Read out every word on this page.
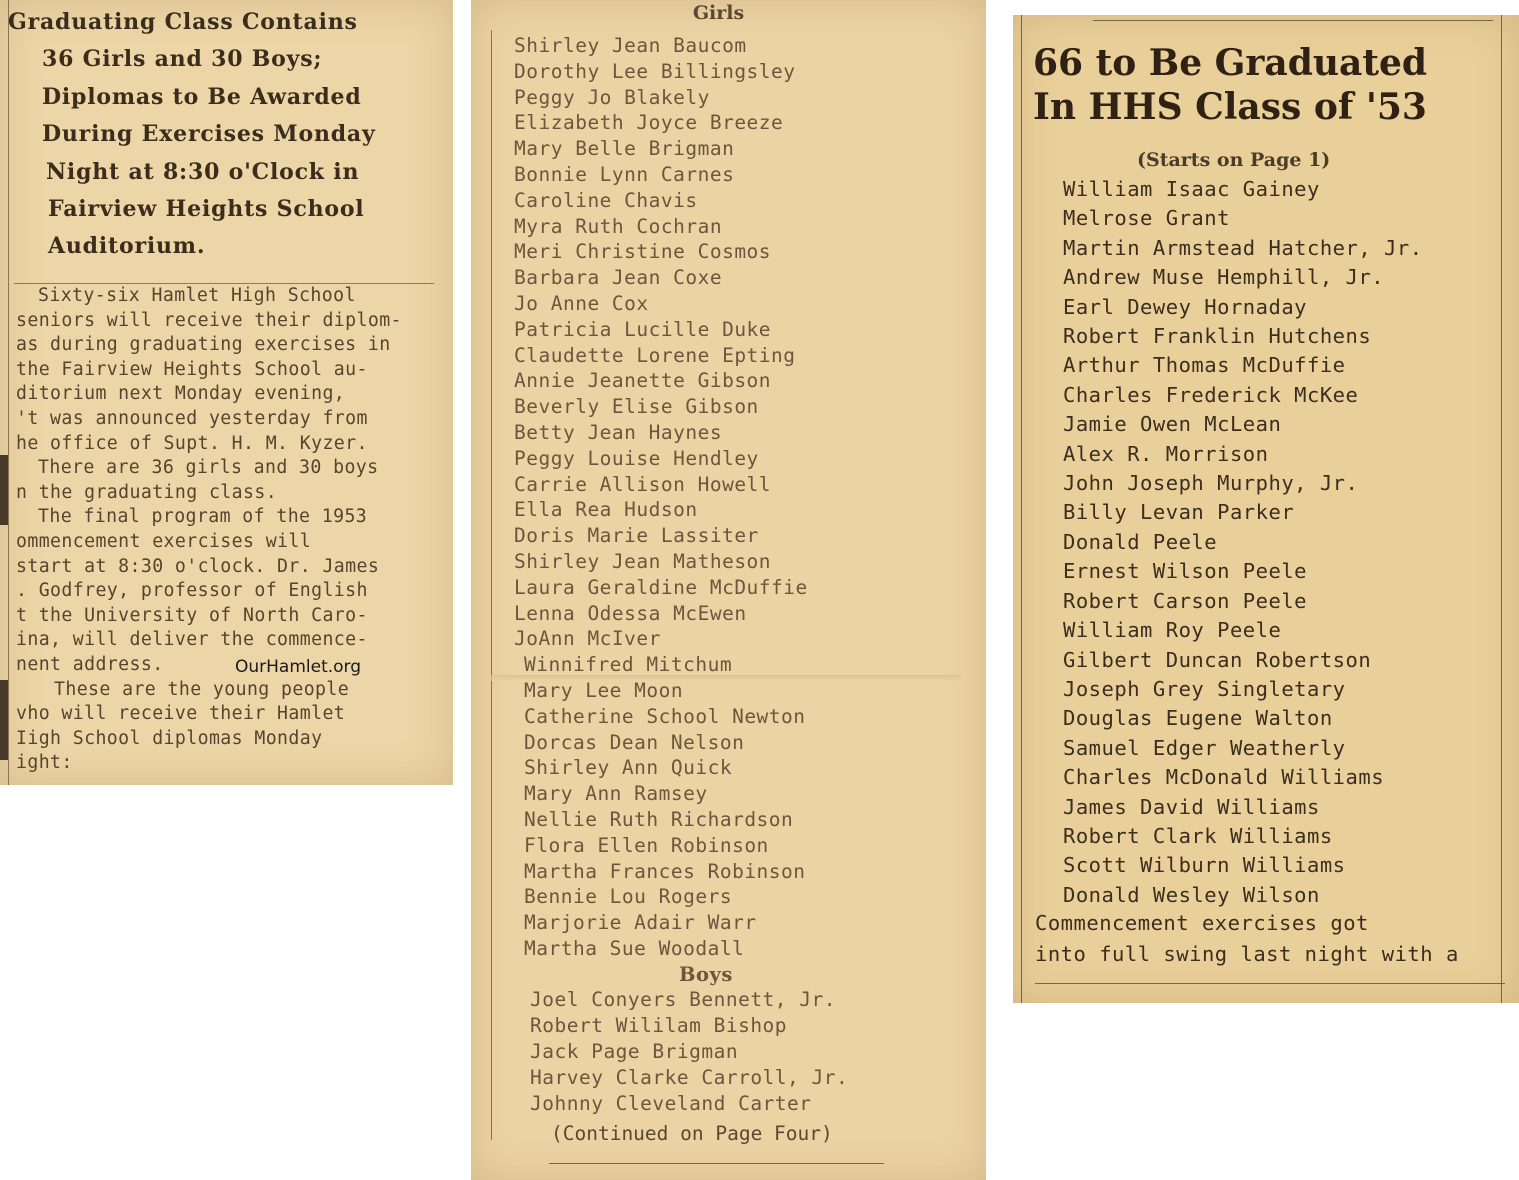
Graduating Class Contains
36 Girls and 30 Boys;
Diplomas to Be Awarded
During Exercises Monday
Night at 8:30 o'Clock in
Fairview Heights School
Auditorium.
Sixty-six Hamlet High School
seniors will receive their diplom-
as during graduating exercises in
the Fairview Heights School au-
ditorium next Monday evening,
't was announced yesterday from
he office of Supt. H. M. Kyzer.
There are 36 girls and 30 boys
n the graduating class.
The final program of the 1953
ommencement exercises will
start at 8:30 o'clock. Dr. James
. Godfrey, professor of English
t the University of North Caro-
ina, will deliver the commence-
nent address.
These are the young people
vho will receive their Hamlet
Iigh School diplomas Monday
ight:
OurHamlet.org
Girls
Shirley Jean Baucom
Dorothy Lee Billingsley
Peggy Jo Blakely
Elizabeth Joyce Breeze
Mary Belle Brigman
Bonnie Lynn Carnes
Caroline Chavis
Myra Ruth Cochran
Meri Christine Cosmos
Barbara Jean Coxe
Jo Anne Cox
Patricia Lucille Duke
Claudette Lorene Epting
Annie Jeanette Gibson
Beverly Elise Gibson
Betty Jean Haynes
Peggy Louise Hendley
Carrie Allison Howell
Ella Rea Hudson
Doris Marie Lassiter
Shirley Jean Matheson
Laura Geraldine McDuffie
Lenna Odessa McEwen
JoAnn McIver
Winnifred Mitchum
Mary Lee Moon
Catherine School Newton
Dorcas Dean Nelson
Shirley Ann Quick
Mary Ann Ramsey
Nellie Ruth Richardson
Flora Ellen Robinson
Martha Frances Robinson
Bennie Lou Rogers
Marjorie Adair Warr
Martha Sue Woodall
Boys
Joel Conyers Bennett, Jr.
Robert Wililam Bishop
Jack Page Brigman
Harvey Clarke Carroll, Jr.
Johnny Cleveland Carter
(Continued on Page Four)
66 to Be Graduated
In HHS Class of '53
(Starts on Page 1)
William Isaac Gainey
Melrose Grant
Martin Armstead Hatcher, Jr.
Andrew Muse Hemphill, Jr.
Earl Dewey Hornaday
Robert Franklin Hutchens
Arthur Thomas McDuffie
Charles Frederick McKee
Jamie Owen McLean
Alex R. Morrison
John Joseph Murphy, Jr.
Billy Levan Parker
Donald Peele
Ernest Wilson Peele
Robert Carson Peele
William Roy Peele
Gilbert Duncan Robertson
Joseph Grey Singletary
Douglas Eugene Walton
Samuel Edger Weatherly
Charles McDonald Williams
James David Williams
Robert Clark Williams
Scott Wilburn Williams
Donald Wesley Wilson
Commencement exercises got
into full swing last night with a
